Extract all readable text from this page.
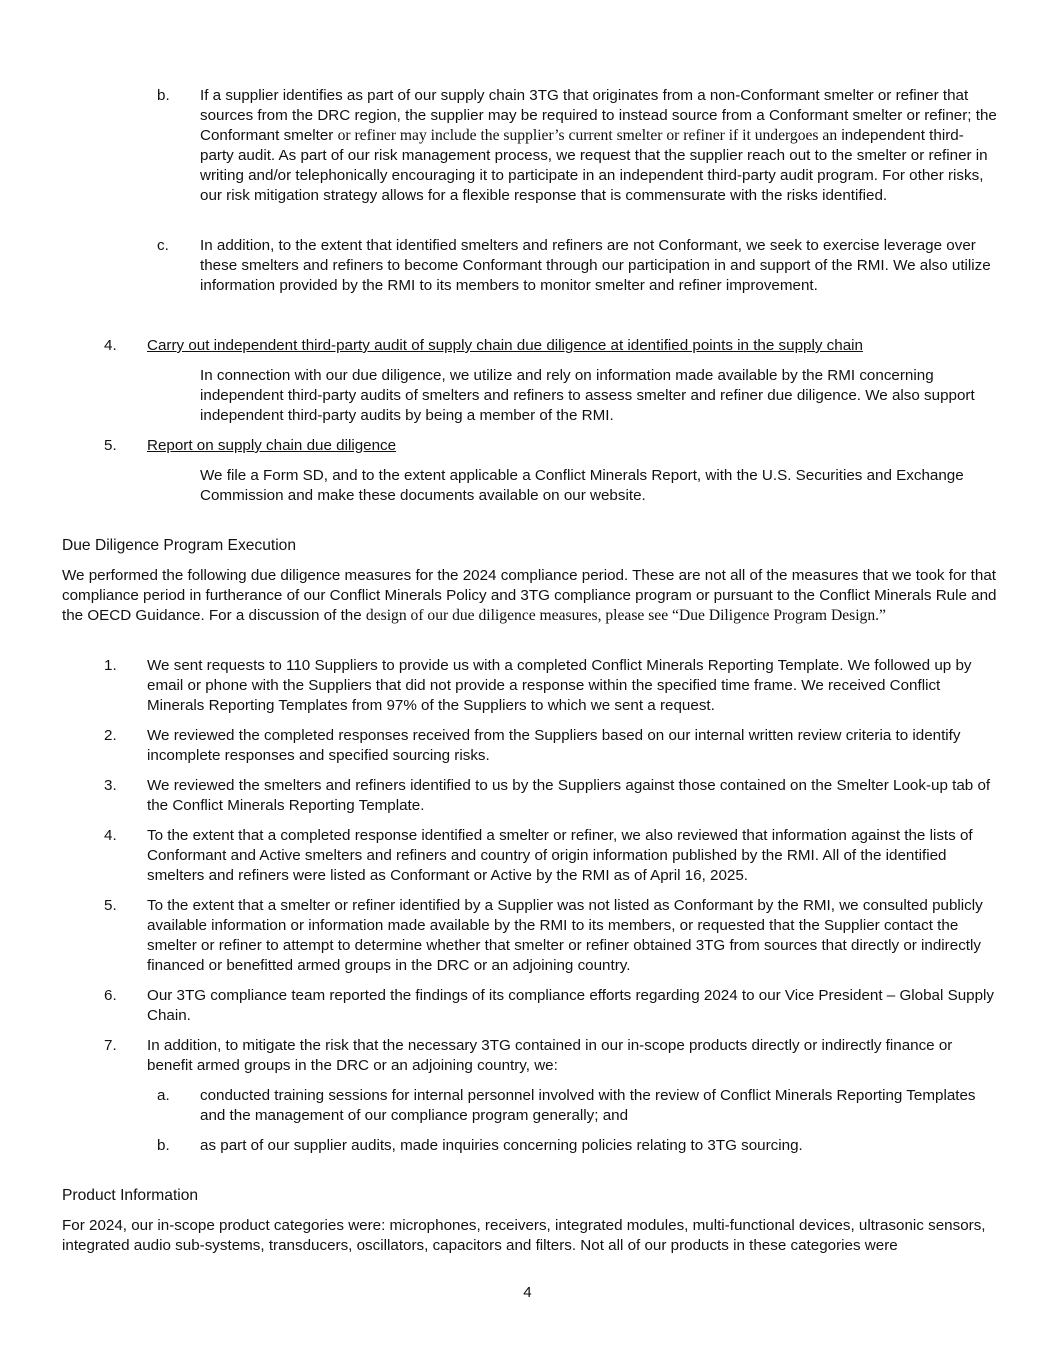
b. If a supplier identifies as part of our supply chain 3TG that originates from a non-Conformant smelter or refiner that sources from the DRC region, the supplier may be required to instead source from a Conformant smelter or refiner; the Conformant smelter or refiner may include the supplier’s current smelter or refiner if it undergoes an independent third-party audit. As part of our risk management process, we request that the supplier reach out to the smelter or refiner in writing and/or telephonically encouraging it to participate in an independent third-party audit program. For other risks, our risk mitigation strategy allows for a flexible response that is commensurate with the risks identified.

c. In addition, to the extent that identified smelters and refiners are not Conformant, we seek to exercise leverage over these smelters and refiners to become Conformant through our participation in and support of the RMI. We also utilize information provided by the RMI to its members to monitor smelter and refiner improvement.

4. Carry out independent third-party audit of supply chain due diligence at identified points in the supply chain

In connection with our due diligence, we utilize and rely on information made available by the RMI concerning independent third-party audits of smelters and refiners to assess smelter and refiner due diligence. We also support independent third-party audits by being a member of the RMI.

5. Report on supply chain due diligence

We file a Form SD, and to the extent applicable a Conflict Minerals Report, with the U.S. Securities and Exchange Commission and make these documents available on our website.

Due Diligence Program Execution

We performed the following due diligence measures for the 2024 compliance period. These are not all of the measures that we took for that compliance period in furtherance of our Conflict Minerals Policy and 3TG compliance program or pursuant to the Conflict Minerals Rule and the OECD Guidance. For a discussion of the design of our due diligence measures, please see “Due Diligence Program Design.”

1. We sent requests to 110 Suppliers to provide us with a completed Conflict Minerals Reporting Template. We followed up by email or phone with the Suppliers that did not provide a response within the specified time frame. We received Conflict Minerals Reporting Templates from 97% of the Suppliers to which we sent a request.

2. We reviewed the completed responses received from the Suppliers based on our internal written review criteria to identify incomplete responses and specified sourcing risks.

3. We reviewed the smelters and refiners identified to us by the Suppliers against those contained on the Smelter Look-up tab of the Conflict Minerals Reporting Template.

4. To the extent that a completed response identified a smelter or refiner, we also reviewed that information against the lists of Conformant and Active smelters and refiners and country of origin information published by the RMI. All of the identified smelters and refiners were listed as Conformant or Active by the RMI as of April 16, 2025.

5. To the extent that a smelter or refiner identified by a Supplier was not listed as Conformant by the RMI, we consulted publicly available information or information made available by the RMI to its members, or requested that the Supplier contact the smelter or refiner to attempt to determine whether that smelter or refiner obtained 3TG from sources that directly or indirectly financed or benefitted armed groups in the DRC or an adjoining country.

6. Our 3TG compliance team reported the findings of its compliance efforts regarding 2024 to our Vice President – Global Supply Chain.

7. In addition, to mitigate the risk that the necessary 3TG contained in our in-scope products directly or indirectly finance or benefit armed groups in the DRC or an adjoining country, we:

a. conducted training sessions for internal personnel involved with the review of Conflict Minerals Reporting Templates and the management of our compliance program generally; and

b. as part of our supplier audits, made inquiries concerning policies relating to 3TG sourcing.

Product Information

For 2024, our in-scope product categories were: microphones, receivers, integrated modules, multi-functional devices, ultrasonic sensors, integrated audio sub-systems, transducers, oscillators, capacitors and filters. Not all of our products in these categories were

4
